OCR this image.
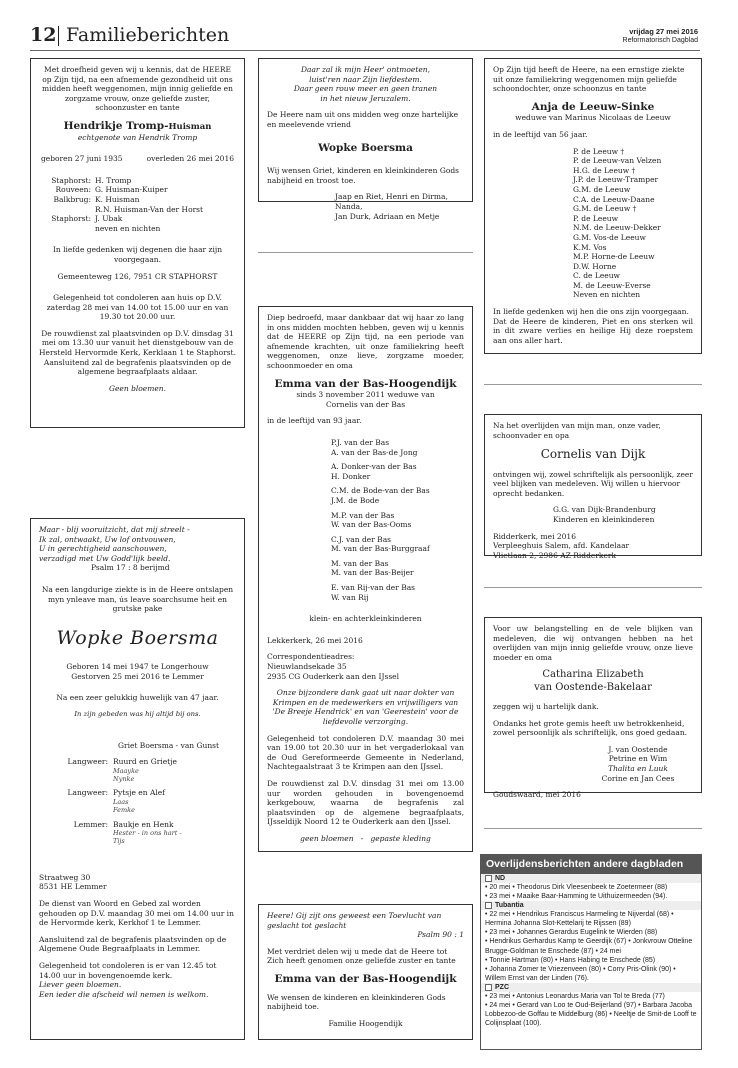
12 Familieberichten	vrijdag 27 mei 2016
Reformatorisch Dagblad
Met droefheid geven wij u kennis, dat de HEERE op Zijn tijd, na een afnemende gezondheid uit ons midden heeft weggenomen, mijn innig geliefde en zorgzame vrouw, onze geliefde zuster, schoonzuster en tante
Hendrikje Tromp-Huisman
echtgenote van Hendrik Tromp
geboren 27 juni 1935	overleden 26 mei 2016
Staphorst: H. Tromp
Rouveen: G. Huisman-Kuiper
Balkbrug: K. Huisman
R.N. Huisman-Van der Horst
Staphorst: J. Ubak
neven en nichten
In liefde gedenken wij degenen die haar zijn voorgegaan.
Gemeenteweg 126, 7951 CR STAPHORST
Gelegenheid tot condoleren aan huis op D.V. zaterdag 28 mei van 14.00 tot 15.00 uur en van 19.30 tot 20.00 uur.
De rouwdienst zal plaatsvinden op D.V. dinsdag 31 mei om 13.30 uur vanuit het dienstgebouw van de Hersteld Hervormde Kerk, Kerklaan 1 te Staphorst.
Aansluitend zal de begrafenis plaatsvinden op de algemene begraafplaats aldaar.
Geen bloemen.
Maar - blij vooruitzicht, dat mij streelt -
Ik zal, ontwaakt, Uw lof ontvouwen,
U in gerechtigheid aanschouwen,
verzadigd met Uw Godd'lijk beeld.
Psalm 17 : 8 berijmd
Na een langdurige ziekte is in de Heere ontslapen myn ynleave man, ús leave soarchsume heit en grutske pake
Wopke Boersma
Geboren 14 mei 1947 te Longerhouw
Gestorven 25 mei 2016 te Lemmer
Na een zeer gelukkig huwelijk van 47 jaar.
In zijn gebeden was hij altijd bij ons.
Griet Boersma - van Gunst
Langweer: Ruurd en Grietje
Maayke
Nynke
Langweer: Pytsje en Alef
Laas
Femke
Lemmer: Baukje en Henk
Hester - in ons hart -
Tijs
Straatweg 30
8531 HE Lemmer
De dienst van Woord en Gebed zal worden gehouden op D.V. maandag 30 mei om 14.00 uur in de Hervormde kerk, Kerkhof 1 te Lemmer.
Aansluitend zal de begrafenis plaatsvinden op de Algemene Oude Begraafplaats in Lemmer.
Gelegenheid tot condoleren is er van 12.45 tot 14.00 uur in bovengenoemde kerk.
Liever geen bloemen.
Een ieder die afscheid wil nemen is welkom.
Daar zal ik mijn Heer' ontmoeten,
luist'ren naar Zijn liefdestem.
Daar geen rouw meer en geen tranen
in het nieuw Jeruzalem.
De Heere nam uit ons midden weg onze hartelijke en meelevende vriend
Wopke Boersma
Wij wensen Griet, kinderen en kleinkinderen Gods nabijheid en troost toe.
Jaap en Riet, Henri en Dirma, Nanda,
Jan Durk, Adriaan en Metje
Diep bedroefd, maar dankbaar dat wij haar zo lang in ons midden mochten hebben, geven wij u kennis dat de HEERE op Zijn tijd, na een periode van afnemende krachten, uit onze familiekring heeft weggenomen, onze lieve, zorgzame moeder, schoonmoeder en oma
Emma van der Bas-Hoogendijk
sinds 3 november 2011 weduwe van
Cornelis van der Bas
in de leeftijd van 93 jaar.
P.J. van der Bas
A. van der Bas-de Jong
A. Donker-van der Bas
H. Donker
C.M. de Bode-van der Bas
J.M. de Bode
M.P. van der Bas
W. van der Bas-Ooms
C.J. van der Bas
M. van der Bas-Burggraaf
M. van der Bas
M. van der Bas-Beijer
E. van Rij-van der Bas
W. van Rij
klein- en achterkleinkinderen
Lekkerkerk, 26 mei 2016
Correspondentieadres:
Nieuwlandsekade 35
2935 CG Ouderkerk aan den IJssel
Onze bijzondere dank gaat uit naar dokter van Krimpen en de medewerkers en vrijwilligers van 'De Breeje Hendrick' en van 'Geerestein' voor de liefdevolle verzorging.
Gelegenheid tot condoleren D.V. maandag 30 mei van 19.00 tot 20.30 uur in het vergaderlokaal van de Oud Gereformeerde Gemeente in Nederland, Nachtegaalstraat 3 te Krimpen aan den IJssel.
De rouwdienst zal D.V. dinsdag 31 mei om 13.00 uur worden gehouden in bovengenoemd kerkgebouw, waarna de begrafenis zal plaatsvinden op de algemene begraafplaats, IJsseldijk Noord 12 te Ouderkerk aan den IJssel.
geen bloemen - gepaste kleding
Heere! Gij zijt ons geweest een Toevlucht van geslacht tot geslacht
Psalm 90 : 1
Met verdriet delen wij u mede dat de Heere tot Zich heeft genomen onze geliefde zuster en tante
Emma van der Bas-Hoogendijk
We wensen de kinderen en kleinkinderen Gods nabijheid toe.
Familie Hoogendijk
Op Zijn tijd heeft de Heere, na een ernstige ziekte uit onze familiekring weggenomen mijn geliefde schoondochter, onze schoonzus en tante
Anja de Leeuw-Sinke
weduwe van Marinus Nicolaas de Leeuw
in de leeftijd van 56 jaar.
P. de Leeuw †
P. de Leeuw-van Velzen
H.G. de Leeuw †
J.P. de Leeuw-Tramper
G.M. de Leeuw
C.A. de Leeuw-Daane
G.M. de Leeuw †
P. de Leeuw
N.M. de Leeuw-Dekker
G.M. Vos-de Leeuw
K.M. Vos
M.P. Horne-de Leeuw
D.W. Horne
C. de Leeuw
M. de Leeuw-Everse
Neven en nichten
In liefde gedenken wij hen die ons zijn voorgegaan.
Dat de Heere de kinderen, Piet en ons sterken wil in dit zware verlies en heilige Hij deze roepstem aan ons aller hart.
Na het overlijden van mijn man, onze vader, schoonvader en opa
Cornelis van Dijk
ontvingen wij, zowel schriftelijk als persoonlijk, zeer veel blijken van medeleven. Wij willen u hiervoor oprecht bedanken.
G.G. van Dijk-Brandenburg
Kinderen en kleinkinderen
Ridderkerk, mei 2016
Verpleeghuis Salem, afd. Kandelaar
Vlietlaan 2, 2986 AZ Ridderkerk
Voor uw belangstelling en de vele blijken van medeleven, die wij ontvangen hebben na het overlijden van mijn innig geliefde vrouw, onze lieve moeder en oma
Catharina Elizabeth
van Oostende-Bakelaar
zeggen wij u hartelijk dank.
Ondanks het grote gemis heeft uw betrokkenheid, zowel persoonlijk als schriftelijk, ons goed gedaan.
J. van Oostende
Petrine en Wim
Thalita en Luuk
Corine en Jan Cees
Goudswaard, mei 2016
Overlijdensberichten andere dagbladen
ND
• 20 mei • Theodorus Dirk Vleesenbeek te Zoetermeer (88)
• 23 mei • Maaike Baar-Hamming te Uithuizermeeden (94).
Tubantia
• 22 mei • Hendrikus Franciscus Harmeling te Nijverdal (68) • Hermina Johanna Slot-Kettelarij te Rijssen (89)
• 23 mei • Johannes Gerardus Eugelink te Wierden (88)
• Hendrikus Gerhardus Kamp te Geerdijk (67) • Jonkvrouw Otteline Brugge-Goldman te Enschede (87) • 24 mei
• Tonnie Hartman (80) • Hans Habing te Enschede (85)
• Johanna Zomer te Vriezenveen (80) • Corry Pris-Olink (90) • Willem Ernst van der Linden (76).
PZC
• 23 mei • Antonius Leonardus Maria van Tol te Breda (77)
• 24 mei • Gerard van Loo te Oud-Beijerland (97) • Barbara Jacoba Lobbezoo-de Goffau te Middelburg (86) • Neeltje de Smit-de Looff te Colijnsplaat (100).
